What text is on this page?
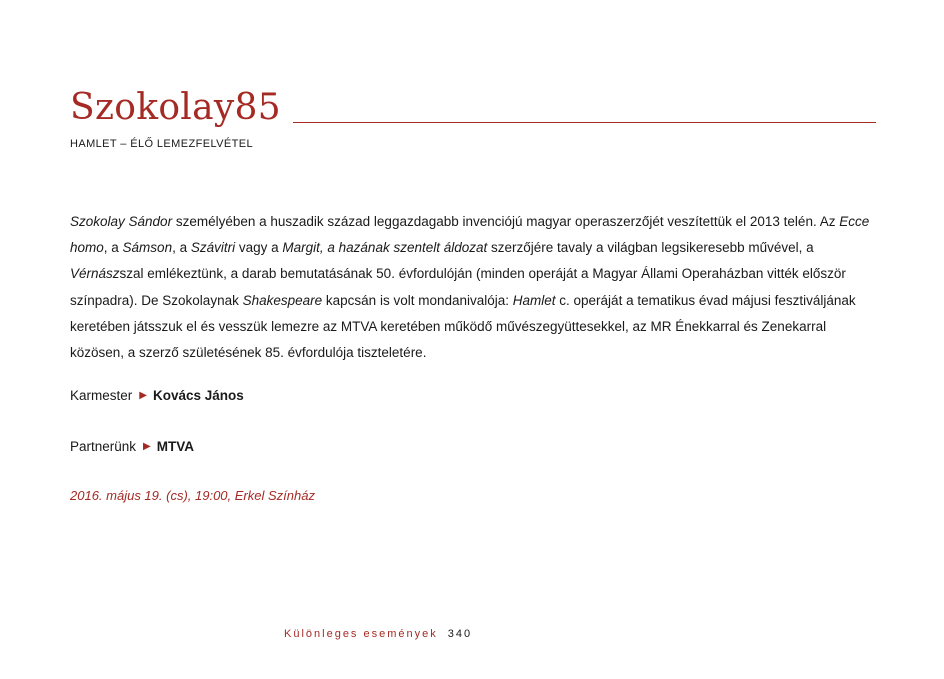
Szokolay85
HAMLET – ÉLŐ LEMEZFELVÉTEL

Szokolay Sándor személyében a huszadik század leggazdagabb invenciójú magyar operaszerzőjét veszítettük el 2013 telén. Az Ecce homo, a Sámson, a Szávitri vagy a Margit, a hazának szentelt áldozat szerzőjére tavaly a világban legsikeresebb művével, a Vérnászszal emlékeztünk, a darab bemutatásának 50. évfordulóján (minden operáját a Magyar Állami Operaházban vitték először színpadra). De Szokolaynak Shakespeare kapcsán is volt mondanivalója: Hamlet c. operáját a tematikus évad májusi fesztiváljának keretében játsszuk el és vesszük lemezre az MTVA keretében működő művészegyüttesekkel, az MR Énekkarral és Zenekarral közösen, a szerző születésének 85. évfordulója tiszteletére.

Karmester ▶ Kovács János
Partnerünk ▶ MTVA
2016. május 19. (cs), 19:00, Erkel Színház
Különleges események 340
